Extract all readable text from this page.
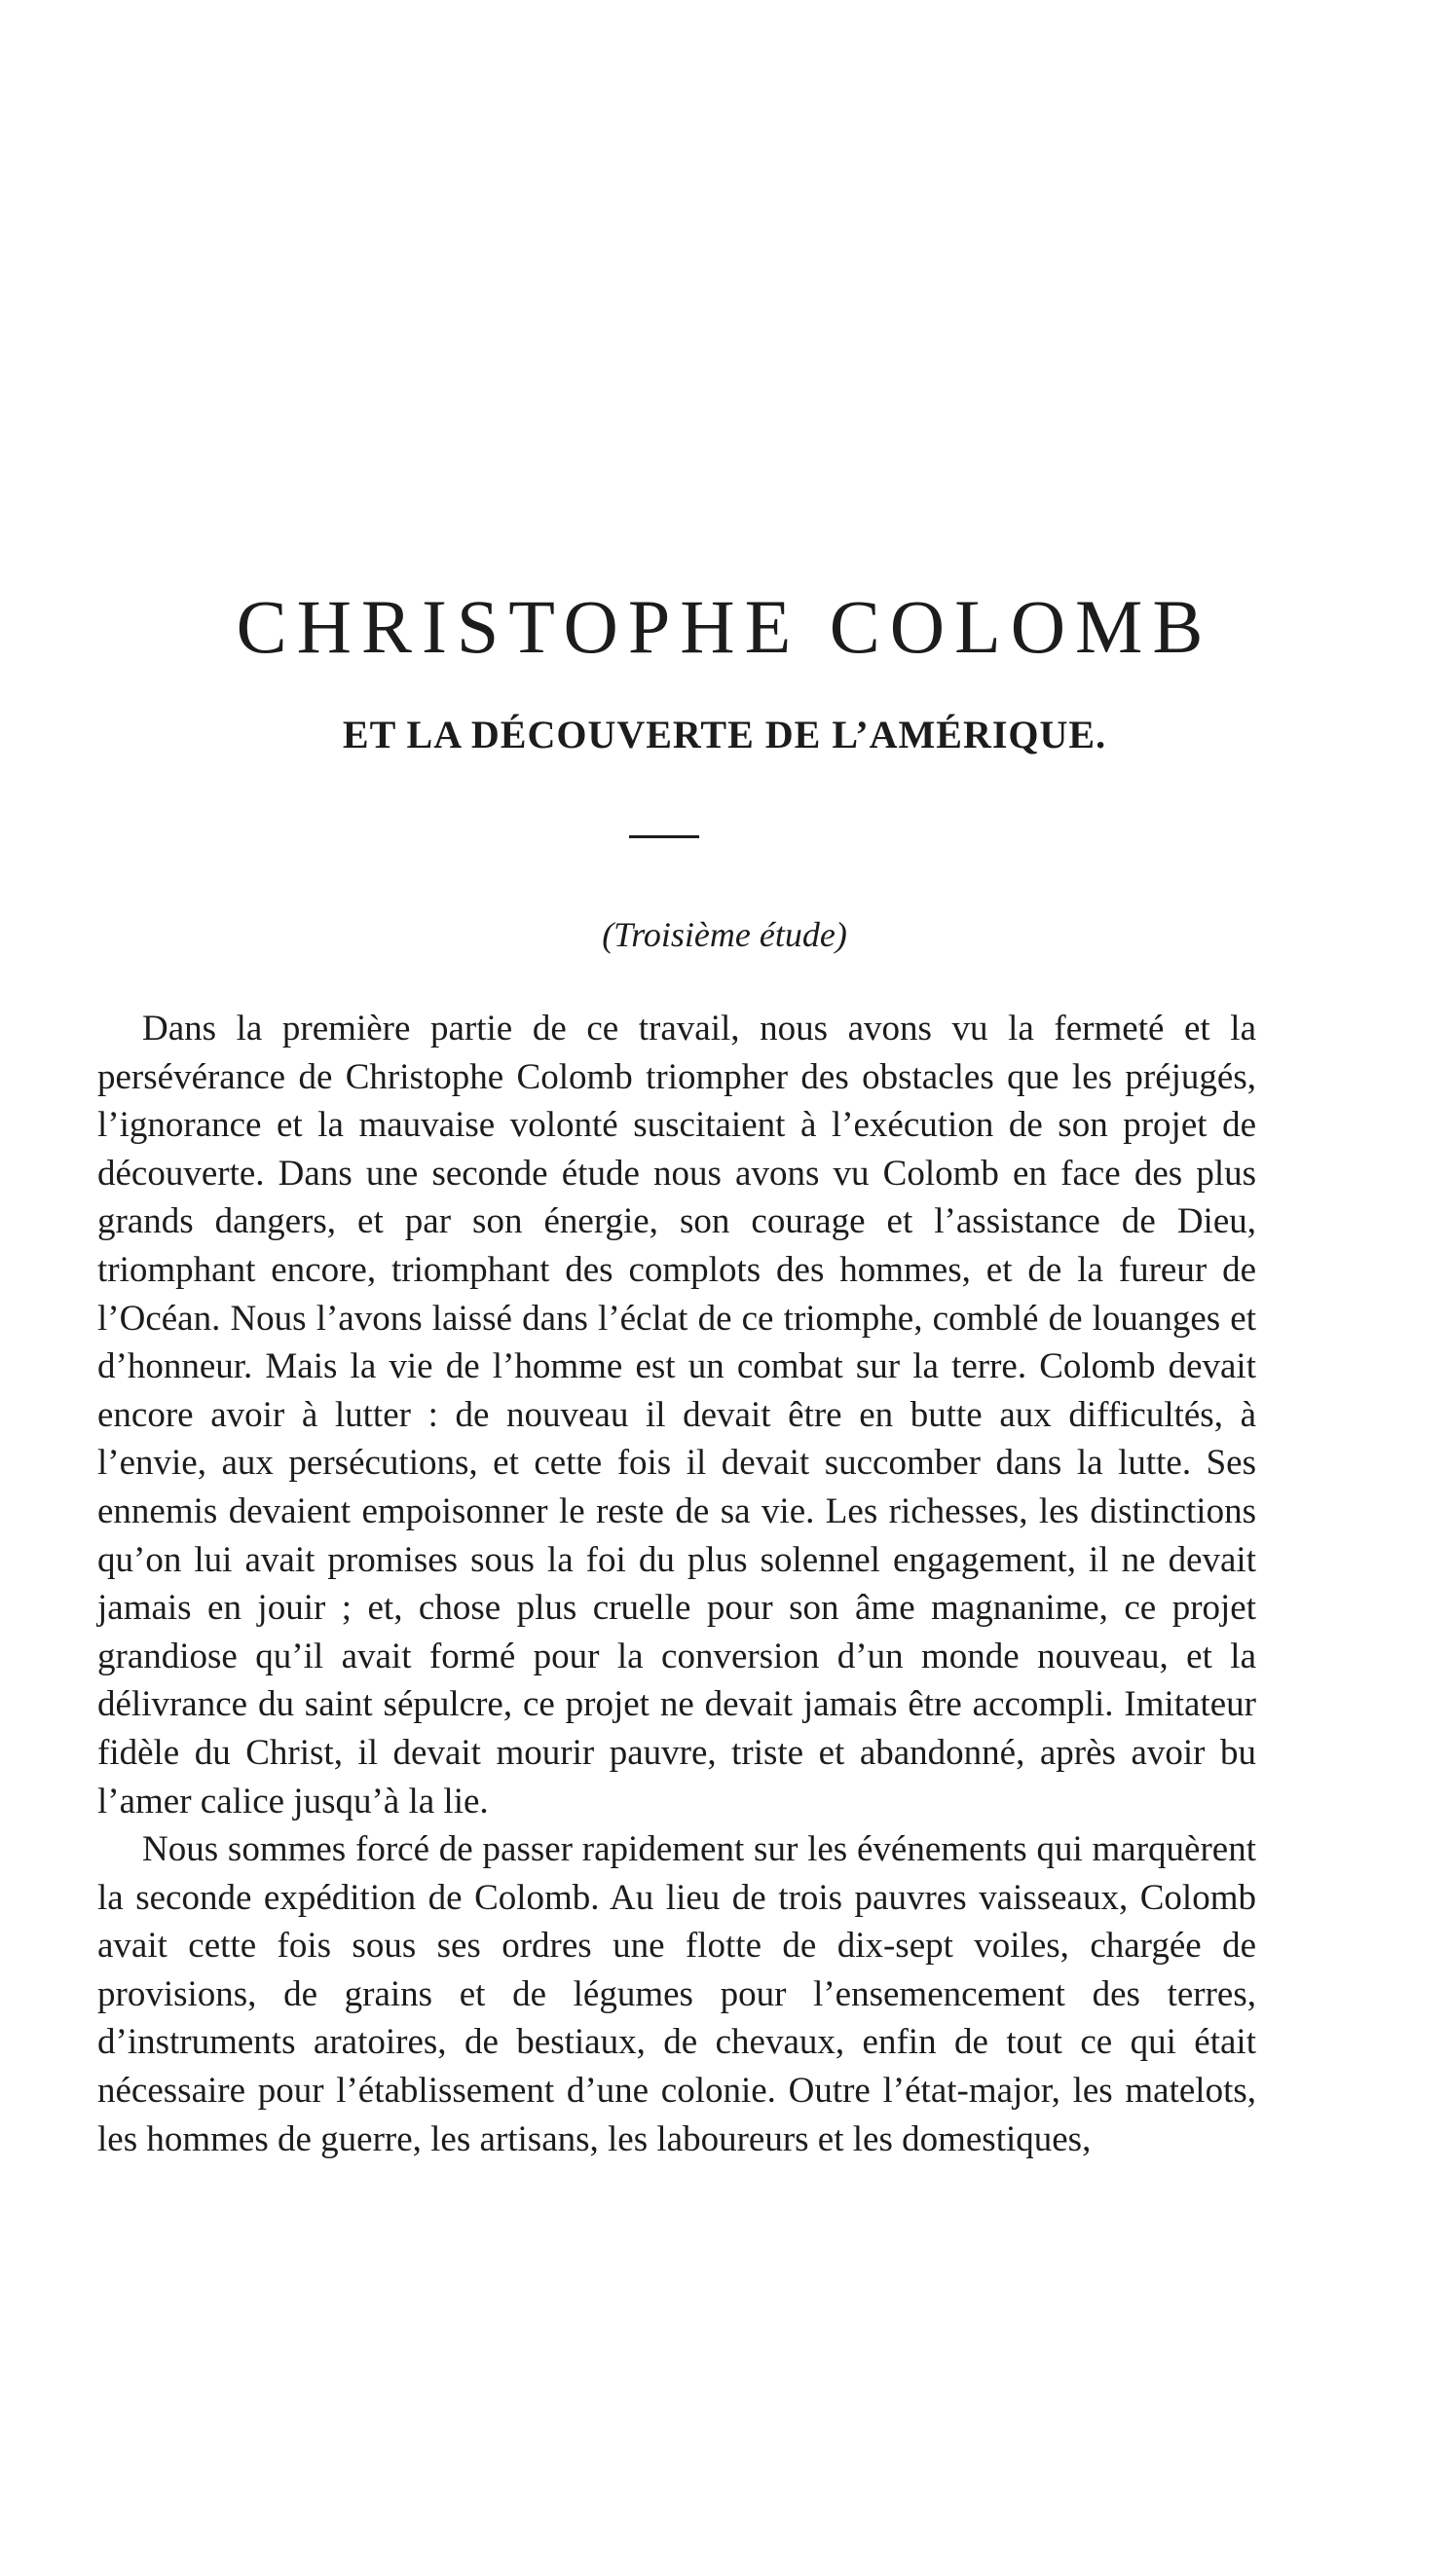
CHRISTOPHE COLOMB
ET LA DÉCOUVERTE DE L’AMÉRIQUE.

(Troisième étude)

Dans la première partie de ce travail, nous avons vu la fermeté et la persévérance de Christophe Colomb triompher des obstacles que les préjugés, l’ignorance et la mauvaise volonté suscitaient à l’exécution de son projet de découverte. Dans une seconde étude nous avons vu Colomb en face des plus grands dangers, et par son énergie, son courage et l’assistance de Dieu, triomphant encore, triomphant des complots des hommes, et de la fureur de l’Océan. Nous l’avons laissé dans l’éclat de ce triomphe, comblé de louanges et d’honneur. Mais la vie de l’homme est un combat sur la terre. Colomb devait encore avoir à lutter : de nouveau il devait être en butte aux difficultés, à l’envie, aux persécutions, et cette fois il devait succomber dans la lutte. Ses ennemis devaient empoisonner le reste de sa vie. Les richesses, les distinctions qu’on lui avait promises sous la foi du plus solennel engagement, il ne devait jamais en jouir ; et, chose plus cruelle pour son âme magnanime, ce projet grandiose qu’il avait formé pour la conversion d’un monde nouveau, et la délivrance du saint sépulcre, ce projet ne devait jamais être accompli. Imitateur fidèle du Christ, il devait mourir pauvre, triste et abandonné, après avoir bu l’amer calice jusqu’à la lie.

Nous sommes forcé de passer rapidement sur les événements qui marquèrent la seconde expédition de Colomb. Au lieu de trois pauvres vaisseaux, Colomb avait cette fois sous ses ordres une flotte de dix-sept voiles, chargée de provisions, de grains et de légumes pour l’ensemencement des terres, d’instruments aratoires, de bestiaux, de chevaux, enfin de tout ce qui était nécessaire pour l’établissement d’une colonie. Outre l’état-major, les matelots, les hommes de guerre, les artisans, les laboureurs et les domestiques,
